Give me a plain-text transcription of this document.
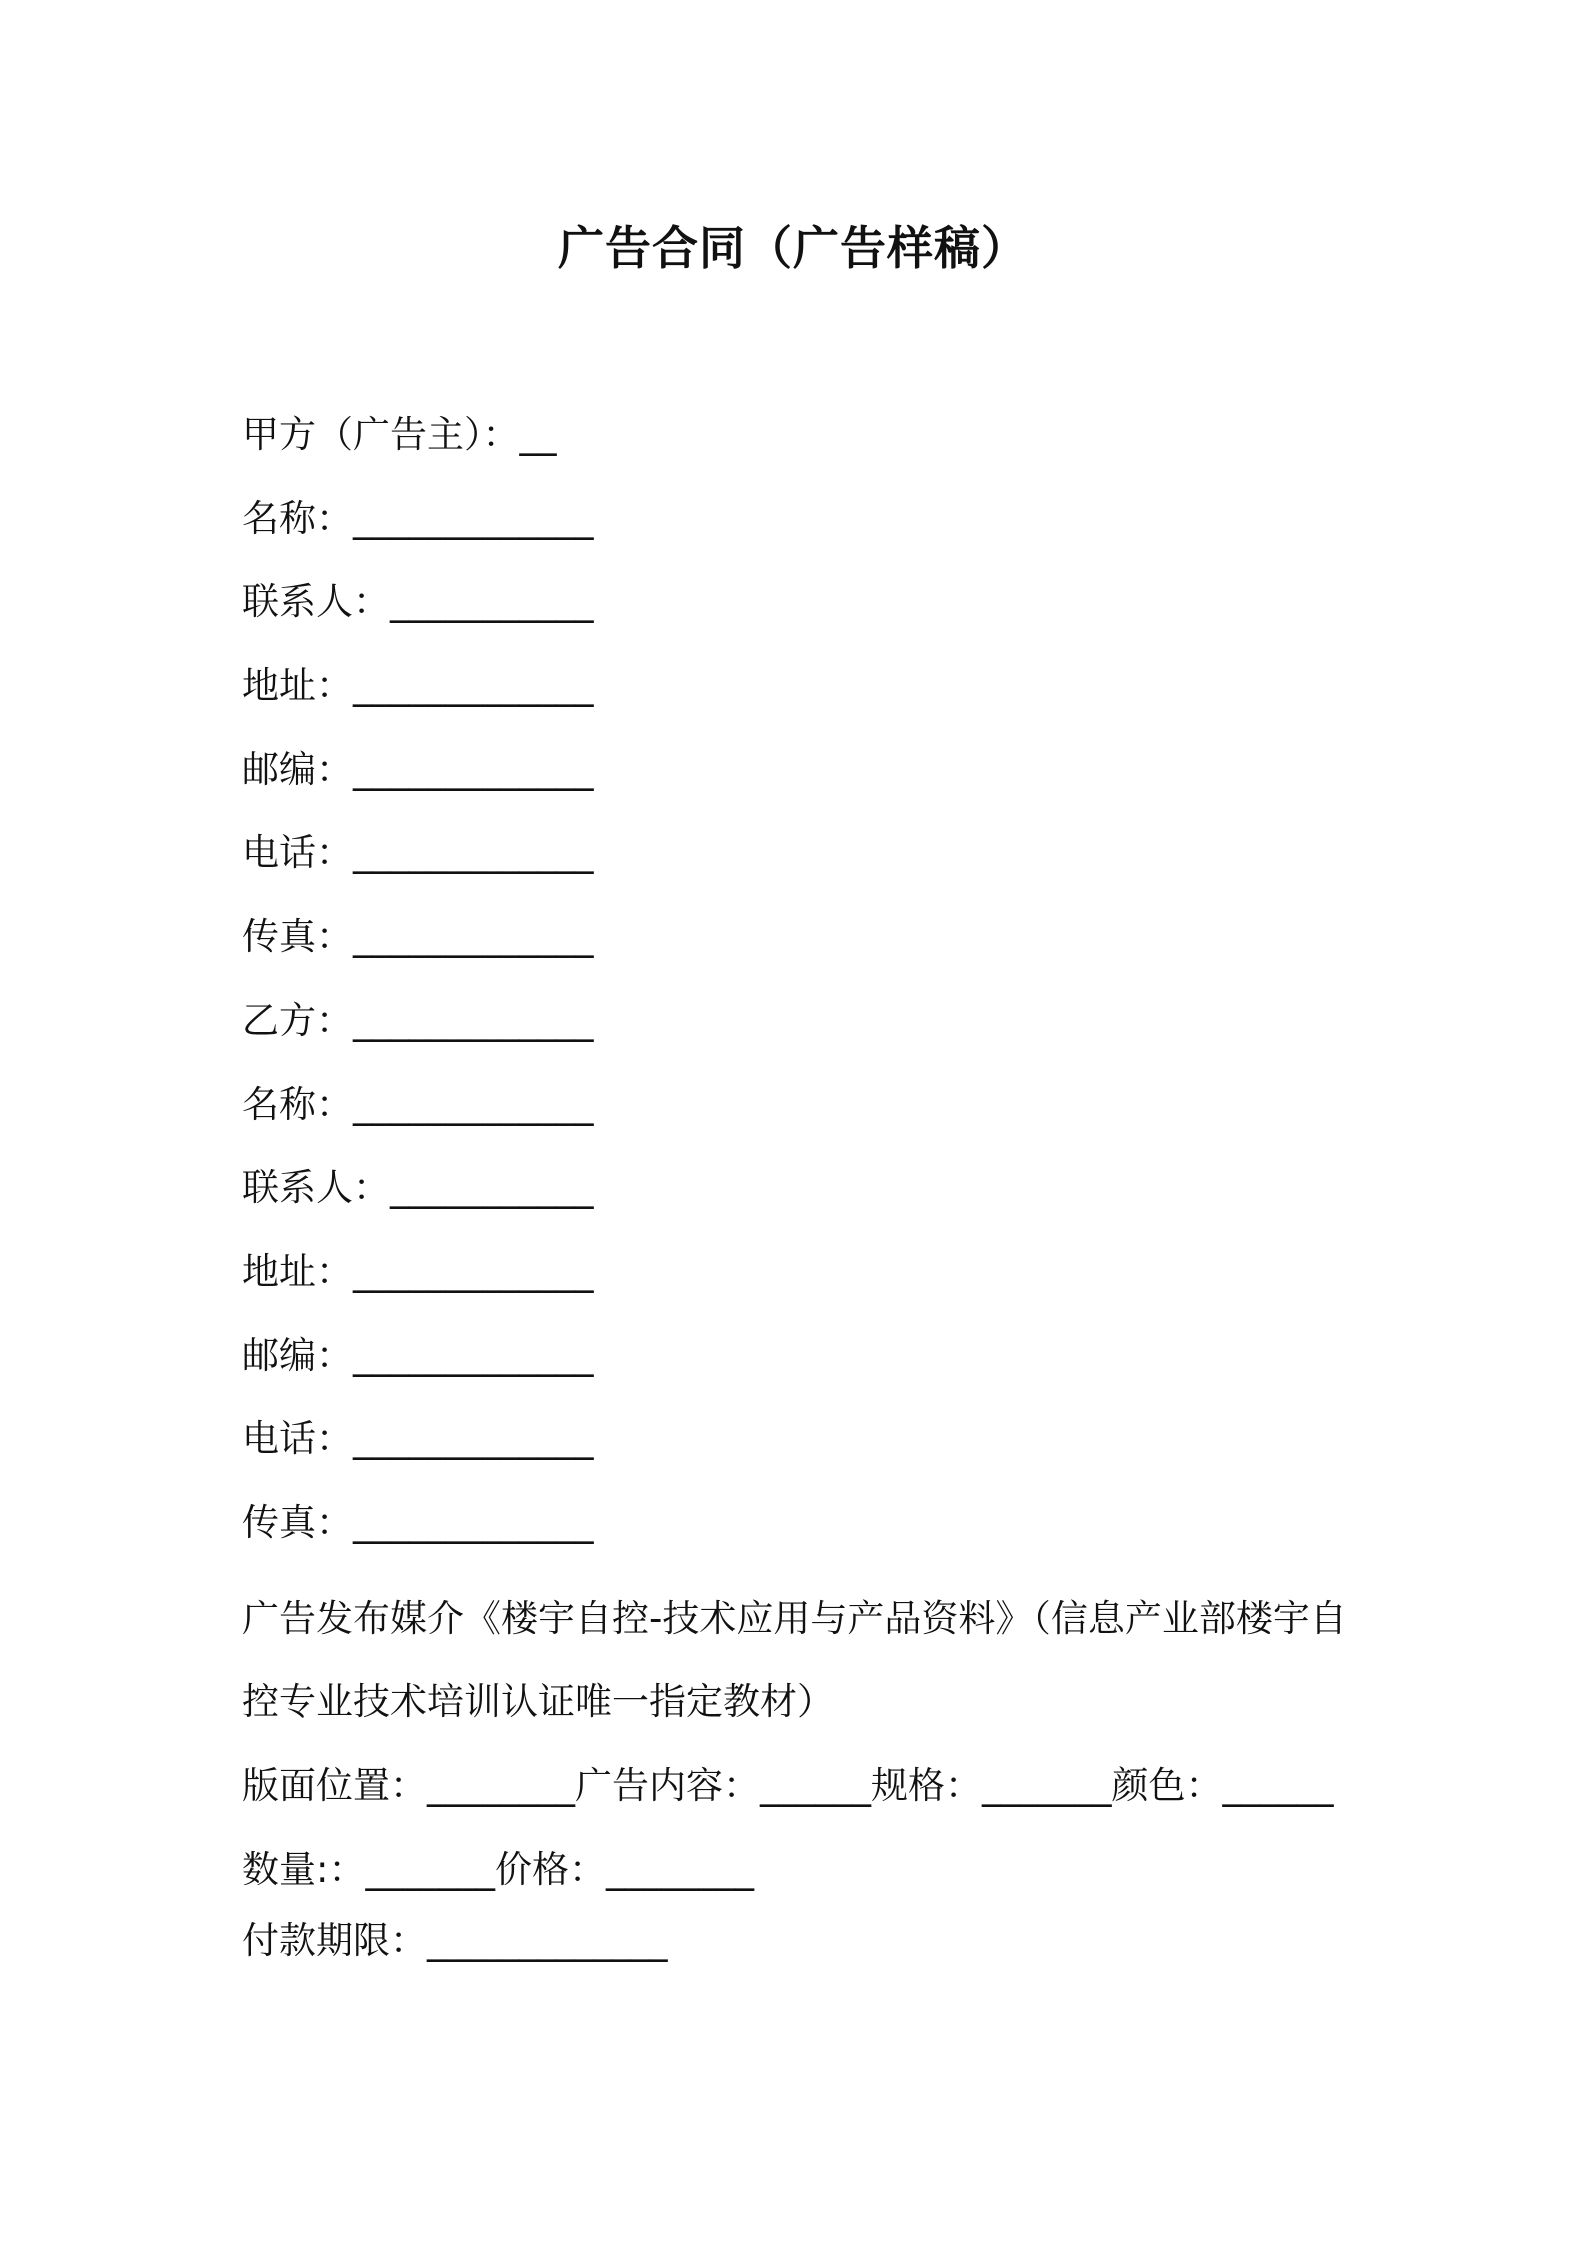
广告合同（广告样稿）
甲方（广告主）：__
名称：_____________
联系人：___________
地址：_____________
邮编：_____________
电话：_____________
传真：_____________
乙方：_____________
名称：_____________
联系人：___________
地址：_____________
邮编：_____________
电话：_____________
传真：_____________
广告发布媒介《楼宇自控-技术应用与产品资料》（信息产业部楼宇自控专业技术培训认证唯一指定教材）
版面位置：________广告内容：______规格：_______颜色：______数量:：_______价格：________
付款期限：_____________
